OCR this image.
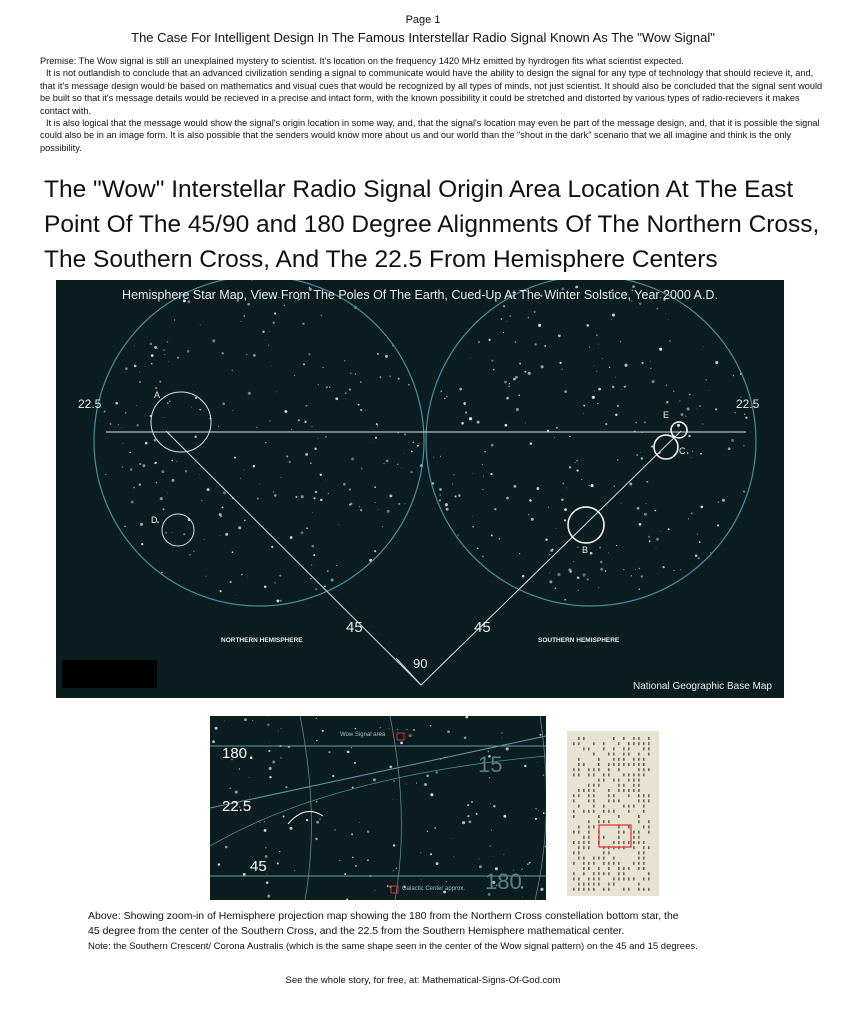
Page 1
The Case For Intelligent Design In The Famous Interstellar Radio Signal Known As The "Wow Signal"

Premise: The Wow signal is still an unexplained mystery to scientist. It's location on the frequency 1420 MHz emitted by hyrdrogen fits what scientist expected.

It is not outlandish to conclude that an advanced civilization sending a signal to communicate would have the ability to design the signal for any type of technology that should recieve it, and, that it's message design would be based on mathematics and visual cues that would be recognized by all types of minds, not just scientist. It should also be concluded that the signal sent would be built so that it's message details would be recieved in a precise and intact form, with the known possibility it could be stretched and distorted by various types of radio-recievers it makes contact with.

It is also logical that the message would show the signal's origin location in some way, and, that the signal's location may even be part of the message design, and, that it is possible the signal could also be in an image form. It is also possible that the senders would know more about us and our world than the "shout in the dark" scenario that we all imagine and think is the only possibility.

The "Wow" Interstellar Radio Signal Origin Area Location At The East Point Of The 45/90 and 180 Degree Alignments Of The Northern Cross, The Southern Cross, And The 22.5 From Hemisphere Centers
A
B
C
D
E
22.5	22.5
45	45
90
NORTHERN HEMISPHERE	SOUTHERN HEMISPHERE
Hemisphere Star Map, View From The Poles Of The Earth, Cued-Up At The Winter Solstice, Year 2000 A.D.
National Geographic Base Map
Wow Signal area
Galactic Center approx.
180
22.5
45
15
180
Above: Showing zoom-in of Hemisphere projection map showing the 180 from the Northern Cross constellation bottom star, the
45 degree from the center of the Southern Cross, and the 22.5 from the Southern Hemisphere mathematical center.
Note: the Southern Crescent/ Corona Australis (which is the same shape seen in the center of the Wow signal pattern) on the 45 and 15 degrees.
See the whole story, for free, at: Mathematical-Signs-Of-God.com
